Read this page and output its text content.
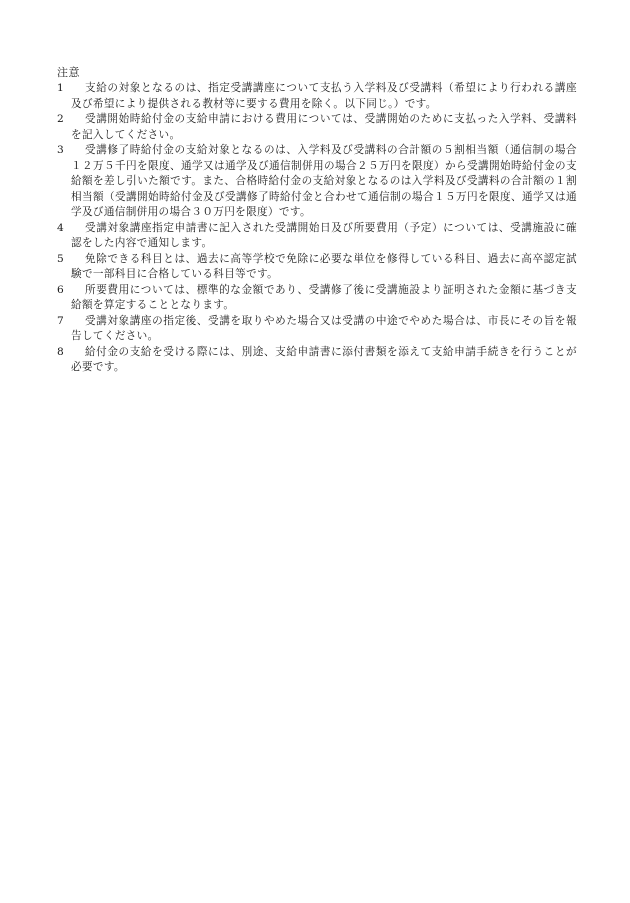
注意
1	支給の対象となるのは、指定受講講座について支払う入学料及び受講料（希望により行われる講座及び希望により提供される教材等に要する費用を除く。以下同じ。）です。
2	受講開始時給付金の支給申請における費用については、受講開始のために支払った入学料、受講料を記入してください。
3	受講修了時給付金の支給対象となるのは、入学料及び受講料の合計額の５割相当額（通信制の場合１２万５千円を限度、通学又は通学及び通信制併用の場合２５万円を限度）から受講開始時給付金の支給額を差し引いた額です。また、合格時給付金の支給対象となるのは入学料及び受講料の合計額の１割相当額（受講開始時給付金及び受講修了時給付金と合わせて通信制の場合１５万円を限度、通学又は通学及び通信制併用の場合３０万円を限度）です。
4	受講対象講座指定申請書に記入された受講開始日及び所要費用（予定）については、受講施設に確認をした内容で通知します。
5	免除できる科目とは、過去に高等学校で免除に必要な単位を修得している科目、過去に高卒認定試験で一部科目に合格している科目等です。
6	所要費用については、標準的な金額であり、受講修了後に受講施設より証明された金額に基づき支給額を算定することとなります。
7	受講対象講座の指定後、受講を取りやめた場合又は受講の中途でやめた場合は、市長にその旨を報告してください。
8	給付金の支給を受ける際には、別途、支給申請書に添付書類を添えて支給申請手続きを行うことが必要です。
